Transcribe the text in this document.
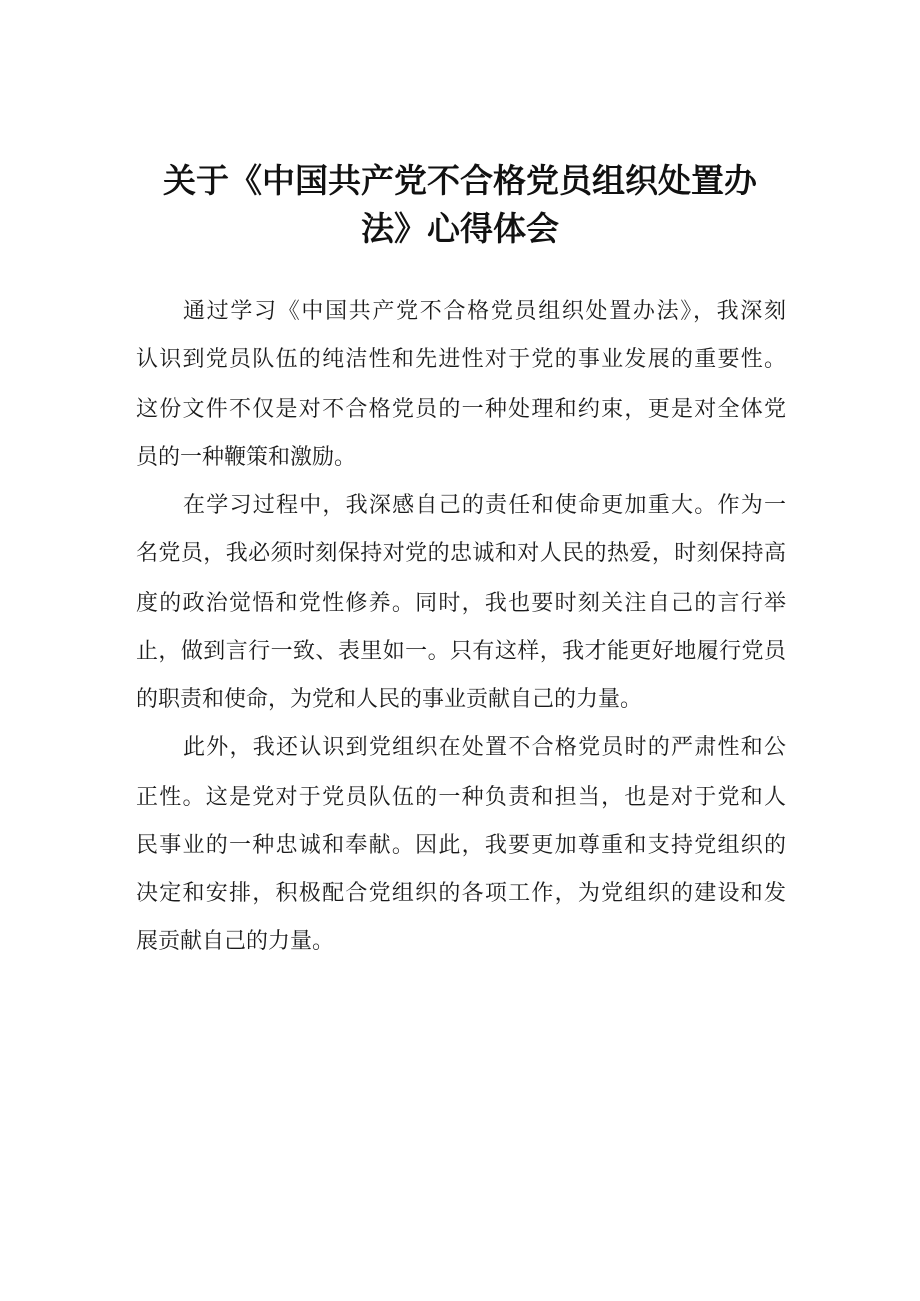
关于《中国共产党不合格党员组织处置办
法》心得体会

通过学习《中国共产党不合格党员组织处置办法》，我深刻

认识到党员队伍的纯洁性和先进性对于党的事业发展的重要性。

这份文件不仅是对不合格党员的一种处理和约束，更是对全体党

员的一种鞭策和激励。

在学习过程中，我深感自己的责任和使命更加重大。作为一

名党员，我必须时刻保持对党的忠诚和对人民的热爱，时刻保持高

度的政治觉悟和党性修养。同时，我也要时刻关注自己的言行举

止，做到言行一致、表里如一。只有这样，我才能更好地履行党员

的职责和使命，为党和人民的事业贡献自己的力量。

此外，我还认识到党组织在处置不合格党员时的严肃性和公

正性。这是党对于党员队伍的一种负责和担当，也是对于党和人

民事业的一种忠诚和奉献。因此，我要更加尊重和支持党组织的

决定和安排，积极配合党组织的各项工作，为党组织的建设和发

展贡献自己的力量。
